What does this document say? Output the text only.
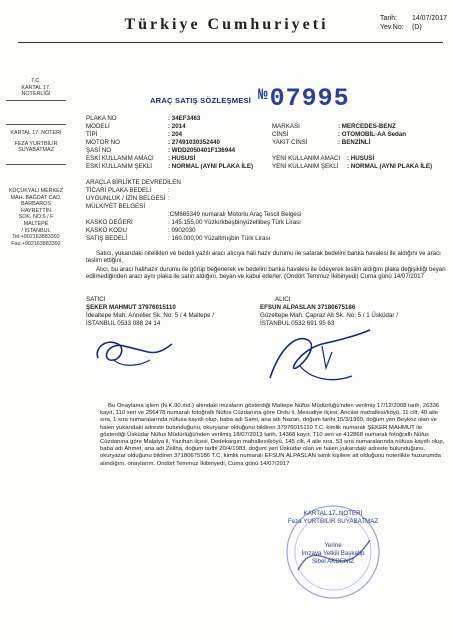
Türkiye Cumhuriyeti	Tarih: 14/07/2017
Yev.No: (D)
T.C.
KARTAL 17.
NOTERLİĞİ
KARTAL 17. NOTERİ
FEZA YURTBİLİR
SUYABATMAZ
KÜÇÜKYALI MERKEZ
MAH. BAĞDAT CAD.
BARBAROS HAYRETTİN
SOK. NO:6 / F MALTEPE
/ İSTANBUL
Tel:+902163883392
Fax:+902163883392
ARAÇ SATIŞ SÖZLEŞMESİ №07995
PLAKA NO	: 34EF3463
MODELİ	: 2014
TİPİ	: 204
MOTOR NO	: 27491030352440
ŞASİ NO	: WDD2050401F136944
ESKİ KULLANIM AMACI : HUSUSİ
ESKİ KULLANIM ŞEKLİ	: NORMAL (AYNI PLAKA İLE)
MARKASI	: MERCEDES-BENZ
CİNSİ	: OTOMOBİL-AA Sedan
YAKIT CİNSİ	: BENZİNLİ
YENİ KULLANIM AMACI : HUSUSİ
YENİ KULLANIM ŞEKLİ : NORMAL (AYNI PLAKA İLE)
ARAÇLA BİRLİKTE DEVREDİLEN
TİCARİ PLAKA BEDELİ	:
UYGUNLUK / İZİN BELGESİ :
MÜLKİYET BELGESİ
:CM665349 numaralı Motorlu Araç Tescil Belgesi
KASKO DEĞERİ	: 145.155,00 Yüzkırkbeşbinyüzellibeş Türk Lirası
KASKO KODU	: 0902030
SATIŞ BEDELİ	: 160.000,00 Yüzaltmışbin Türk Lirası
Satıcı, yukarıdaki nitelikleri ve bedeli yazılı aracı alıcıya hali hazır durumu ile satarak bedelini banka havalesi ile aldığını ve aracı teslim ettiğini,
Alıcı, bu aracı halihazır durumu ile görüp beğenerek ve bedelini banka havalesi ile ödeyerek teslim aldığını plaka değişikliği beyan edilmediğinden aracı aynı plaka ile satın aldığını, beyan ve kabul ederler. (Ondört Temmuz İkibinyedi) Cuma günü 14/07/2017
SATICI
ŞEKER MAHMUT 37976015110
İdealtepe Mah. Annelier Sk. No: 5 / 4 Maltepe /
İSTANBUL 0533 088 24 14
ALICI
EFSUN ALPASLAN 37180675186
Güzeltepe Mah. Çapraz Alt Sk. No: 5 / 1 Üsküdar /
İSTANBUL 0532 691 95 63
Bu Onaylama işlem (N.K.90.md.) altındaki imzaların gösterdiği Maltepe Nüfus Müdürlüğü'nden verilmiş 17/12/2008 tarih, 26336 kayıt, 110 seri ve 256478 numaralı fotoğraflı Nüfus Cüzdanına göre Ordu il, Mesudiye ilçesi, Ancılar mahallesi/köyü, 11 cilt, 40 aile sıra, 1 sıra numaralarında nüfusa kayıtlı olup, baba adı Sami, ana adı Nazan, doğum tarihi 15/3/1960, doğum yeri Beykoz olan ve halen yukarıdaki adreste bulunduğunu, okuryazar olduğunu bildiren 37976015110 T.C. kimlik numaralı ŞEKER MAHMUT ile gösterdiği Üsküdar Nüfus Müdürlüğü'nden verilmiş 18/07/2013 tarih, 14368 kayıt, T10 seri ve 412868 numaralı fotoğraflı Nüfus Cüzdanına göre Malatya il, Yazıhan ilçesi, Dedekargın mahallesi/köyü, 145 cilt, 4 aile sıra, 53 sıra numaralarında nüfusa kayıtlı olup, baba adı Ahmet, ana adı Zeliha, doğum tarihi 20/4/1983, doğum yeri Üsküdar olan ve halen yukarıdaki adreste bulunduğunu, okuryazar olduğunu bildiren 37180675186 T.C. kimlik numaralı EFSUN ALPASLAN isimli kişilere ait olduğunu noterlikte huzurumda alındığını, onaylarım. Ondört Temmuz İkibinyedi, Cuma günü 14/07/2017
KARTAL 17. NOTERİ
Feza YURTBİLİR SUYABATMAZ
Yerine
İmzaya Yetkili Başkatip
Sibel AKDENİZ
